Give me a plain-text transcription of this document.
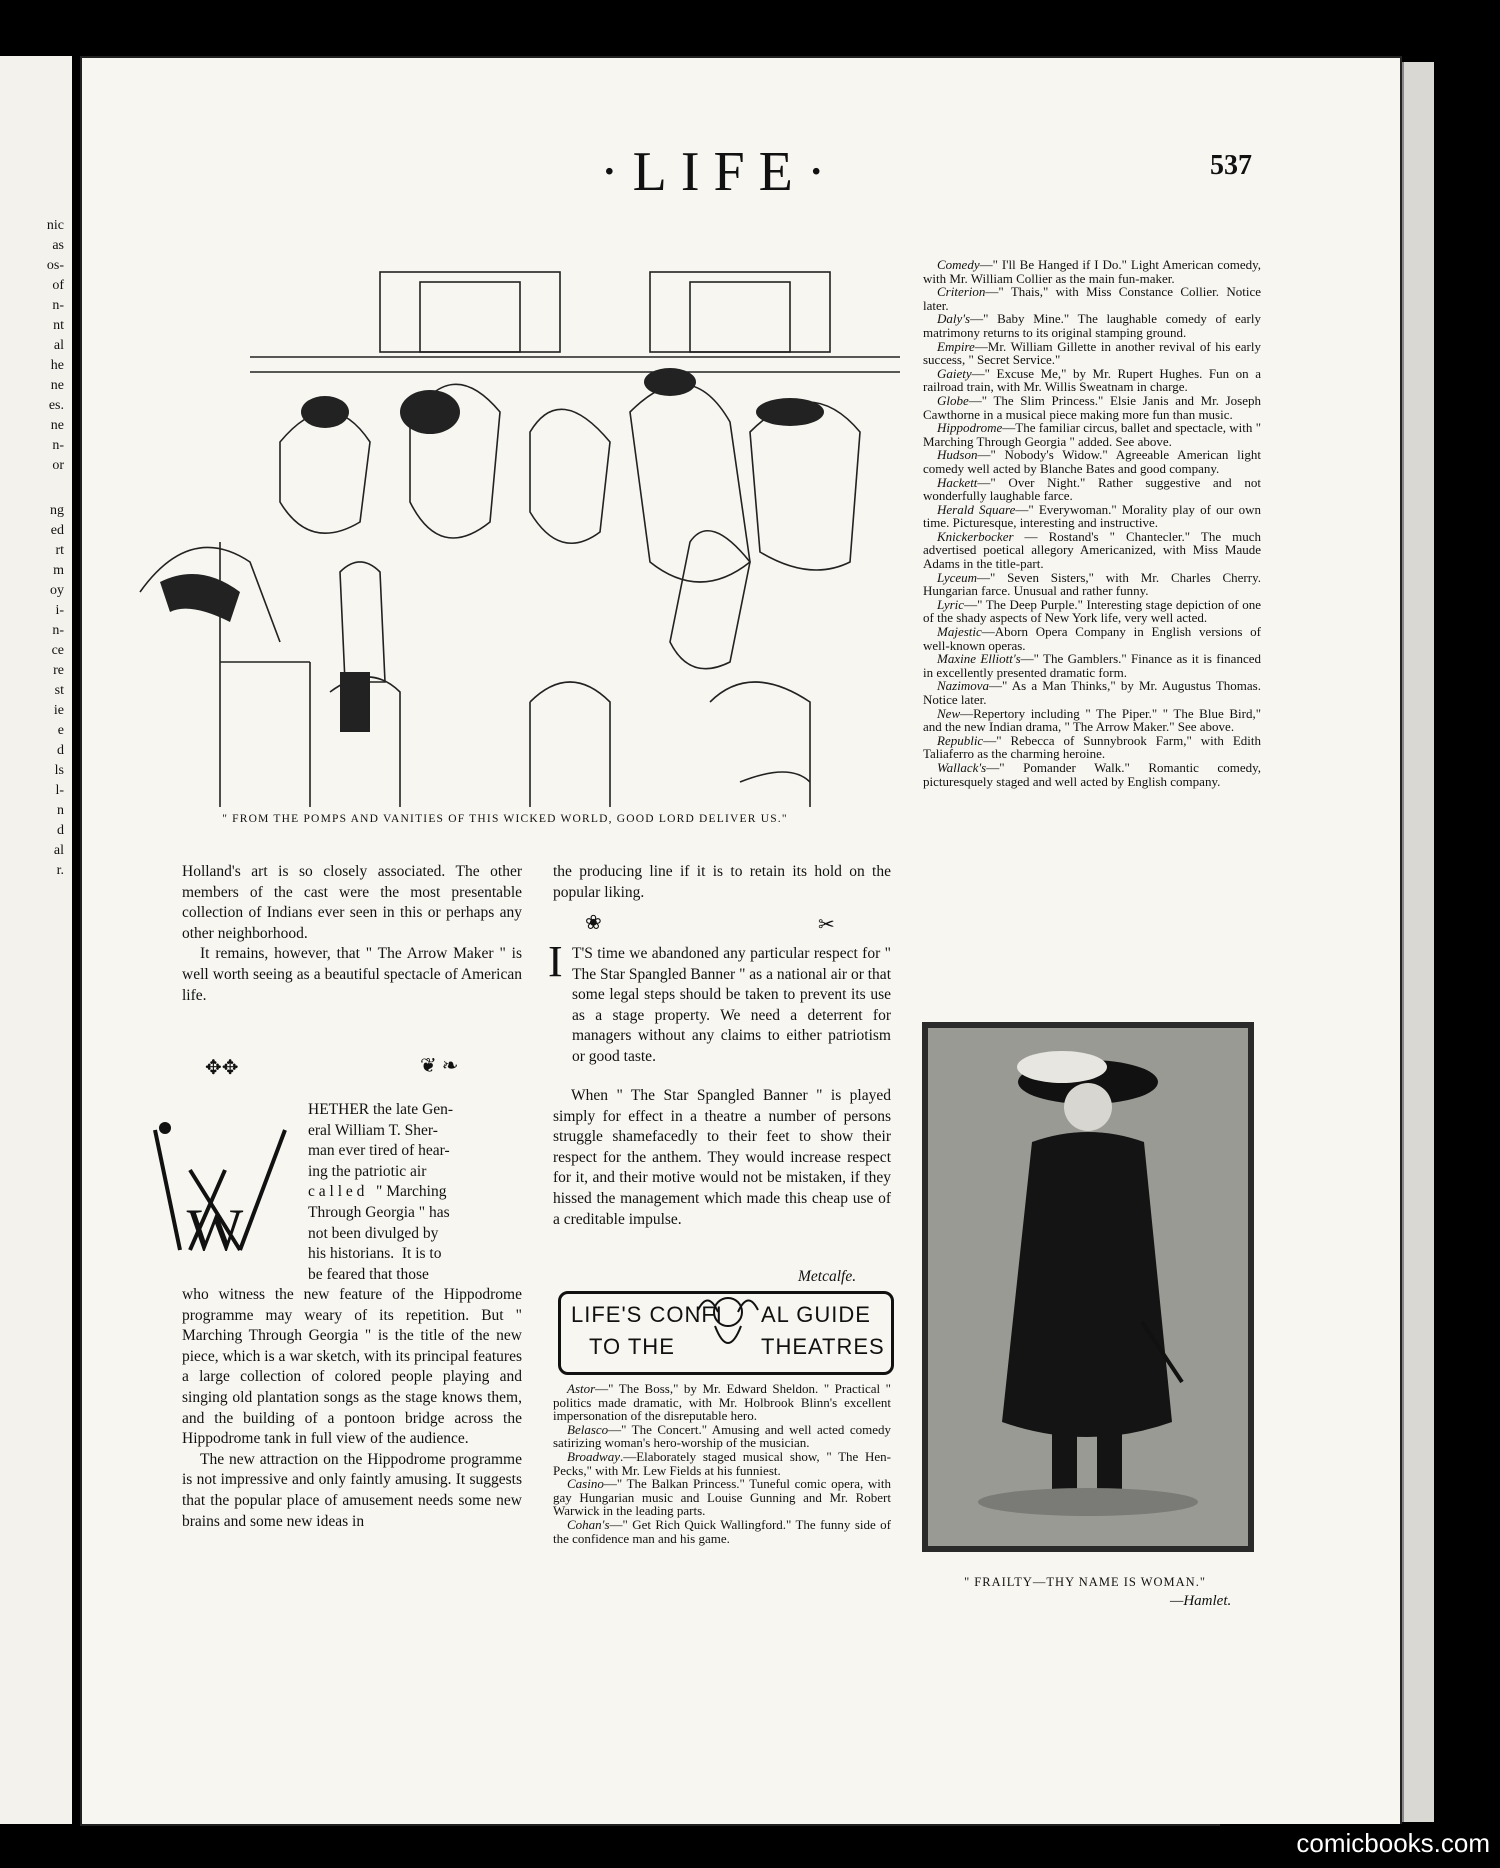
nic
as
os-
of
n-
nt
al
he
ne
es.
ne
n-
or
ng
ed
rt
m
oy
i-
n-
ce
re
st
ie
e
d
ls
l-
n
d
al
r.
·LIFE·	537
" FROM THE POMPS AND VANITIES OF THIS WICKED WORLD, GOOD LORD DELIVER US."

Holland's art is so closely associated. The other members of the cast were the most presentable collection of Indians ever seen in this or perhaps any other neighborhood.

It remains, however, that " The Arrow Maker " is well worth seeing as a beautiful spectacle of American life.

✥✥	❦ ❧
W
HETHER the late Gen-
eral William T. Sher-
man ever tired of hear-
ing the patriotic air
c a l l e d   " Marching
Through Georgia " has
not been divulged by
his historians.  It is to
be feared that those

who witness the new feature of the Hippodrome programme may weary of its repetition. But " Marching Through Georgia " is the title of the new piece, which is a war sketch, with its principal features a large collection of colored people playing and singing old plantation songs as the stage knows them, and the building of a pontoon bridge across the Hippodrome tank in full view of the audience.

The new attraction on the Hippodrome programme is not impressive and only faintly amusing. It suggests that the popular place of amusement needs some new brains and some new ideas in

the producing line if it is to retain its hold on the popular liking.

❀	✂
I T'S time we abandoned any particular respect for " The Star Spangled Banner " as a national air or that some legal steps should be taken to prevent its use as a stage property. We need a deterrent for managers without any claims to either patriotism or good taste.

When " The Star Spangled Banner " is played simply for effect in a theatre a number of persons struggle shamefacedly to their feet to show their respect for the anthem. They would increase respect for it, and their motive would not be mistaken, if they hissed the management which made this cheap use of a creditable impulse.

Metcalfe.
LIFE'S CONFI AL GUIDE
TO THE	THEATRES

Astor—" The Boss," by Mr. Edward Sheldon. " Practical " politics made dramatic, with Mr. Holbrook Blinn's excellent impersonation of the disreputable hero.

Belasco—" The Concert." Amusing and well acted comedy satirizing woman's hero-worship of the musician.

Broadway.—Elaborately staged musical show, " The Hen-Pecks," with Mr. Lew Fields at his funniest.

Casino—" The Balkan Princess." Tuneful comic opera, with gay Hungarian music and Louise Gunning and Mr. Robert Warwick in the leading parts.

Cohan's—" Get Rich Quick Wallingford." The funny side of the confidence man and his game.

Comedy—" I'll Be Hanged if I Do." Light American comedy, with Mr. William Collier as the main fun-maker.

Criterion—" Thais," with Miss Constance Collier. Notice later.

Daly's—" Baby Mine." The laughable comedy of early matrimony returns to its original stamping ground.

Empire—Mr. William Gillette in another revival of his early success, " Secret Service."

Gaiety—" Excuse Me," by Mr. Rupert Hughes. Fun on a railroad train, with Mr. Willis Sweatnam in charge.

Globe—" The Slim Princess." Elsie Janis and Mr. Joseph Cawthorne in a musical piece making more fun than music.

Hippodrome—The familiar circus, ballet and spectacle, with " Marching Through Georgia " added. See above.

Hudson—" Nobody's Widow." Agreeable American light comedy well acted by Blanche Bates and good company.

Hackett—" Over Night." Rather suggestive and not wonderfully laughable farce.

Herald Square—" Everywoman." Morality play of our own time. Picturesque, interesting and instructive.

Knickerbocker — Rostand's " Chantecler." The much advertised poetical allegory Americanized, with Miss Maude Adams in the title-part.

Lyceum—" Seven Sisters," with Mr. Charles Cherry. Hungarian farce. Unusual and rather funny.

Lyric—" The Deep Purple." Interesting stage depiction of one of the shady aspects of New York life, very well acted.

Majestic—Aborn Opera Company in English versions of well-known operas.

Maxine Elliott's—" The Gamblers." Finance as it is financed in excellently presented dramatic form.

Nazimova—" As a Man Thinks," by Mr. Augustus Thomas. Notice later.

New—Repertory including " The Piper." " The Blue Bird," and the new Indian drama, " The Arrow Maker." See above.

Republic—" Rebecca of Sunnybrook Farm," with Edith Taliaferro as the charming heroine.

Wallack's—" Pomander Walk." Romantic comedy, picturesquely staged and well acted by English company.

" FRAILTY—THY NAME IS WOMAN."
—Hamlet.
comicbooks.com
